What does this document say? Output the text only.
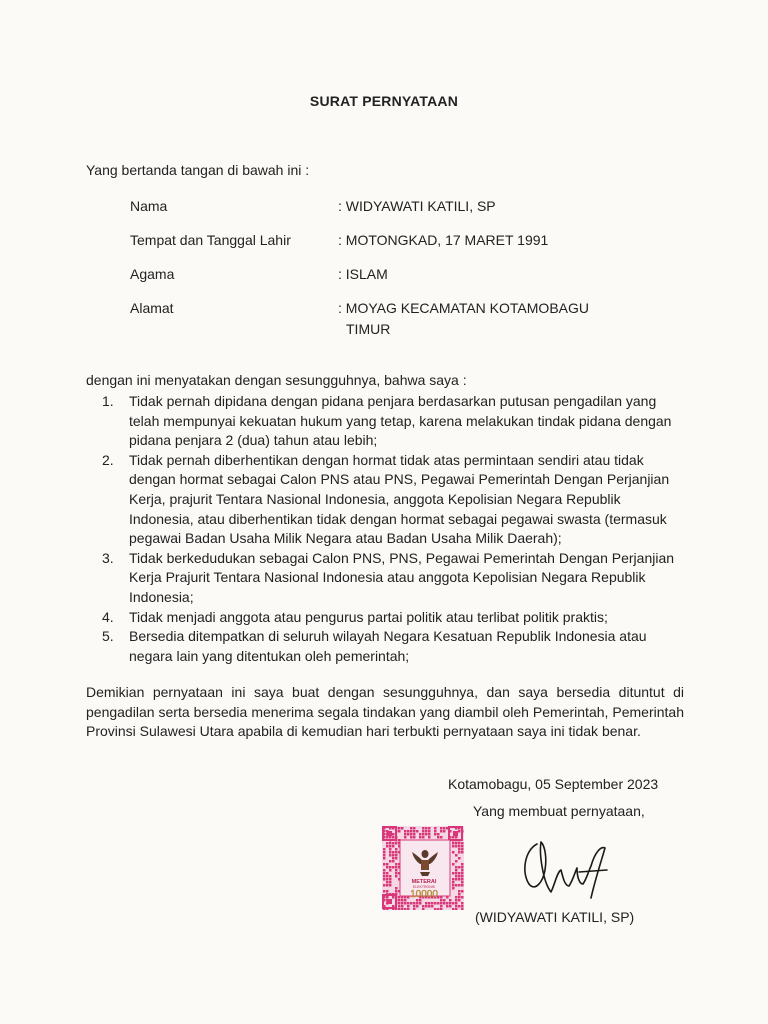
SURAT PERNYATAAN
Yang bertanda tangan di bawah ini :
Nama	: WIDYAWATI KATILI, SP
Tempat dan Tanggal Lahir	: MOTONGKAD, 17 MARET 1991
Agama	: ISLAM
Alamat	: MOYAG KECAMATAN KOTAMOBAGU
TIMUR
dengan ini menyatakan dengan sesungguhnya, bahwa saya :
1. Tidak pernah dipidana dengan pidana penjara berdasarkan putusan pengadilan yang telah mempunyai kekuatan hukum yang tetap, karena melakukan tindak pidana dengan pidana penjara 2 (dua) tahun atau lebih;
2. Tidak pernah diberhentikan dengan hormat tidak atas permintaan sendiri atau tidak dengan hormat sebagai Calon PNS atau PNS, Pegawai Pemerintah Dengan Perjanjian Kerja, prajurit Tentara Nasional Indonesia, anggota Kepolisian Negara Republik Indonesia, atau diberhentikan tidak dengan hormat sebagai pegawai swasta (termasuk pegawai Badan Usaha Milik Negara atau Badan Usaha Milik Daerah);
3. Tidak berkedudukan sebagai Calon PNS, PNS, Pegawai Pemerintah Dengan Perjanjian Kerja Prajurit Tentara Nasional Indonesia atau anggota Kepolisian Negara Republik Indonesia;
4. Tidak menjadi anggota atau pengurus partai politik atau terlibat politik praktis;
5. Bersedia ditempatkan di seluruh wilayah Negara Kesatuan Republik Indonesia atau negara lain yang ditentukan oleh pemerintah;
Demikian pernyataan ini saya buat dengan sesungguhnya, dan saya bersedia dituntut di pengadilan serta bersedia menerima segala tindakan yang diambil oleh Pemerintah, Pemerintah Provinsi Sulawesi Utara apabila di kemudian hari terbukti pernyataan saya ini tidak benar.
Kotamobagu, 05 September 2023
Yang membuat pernyataan,
METERAI
ELEKTRONIK
10000
(WIDYAWATI KATILI, SP)
